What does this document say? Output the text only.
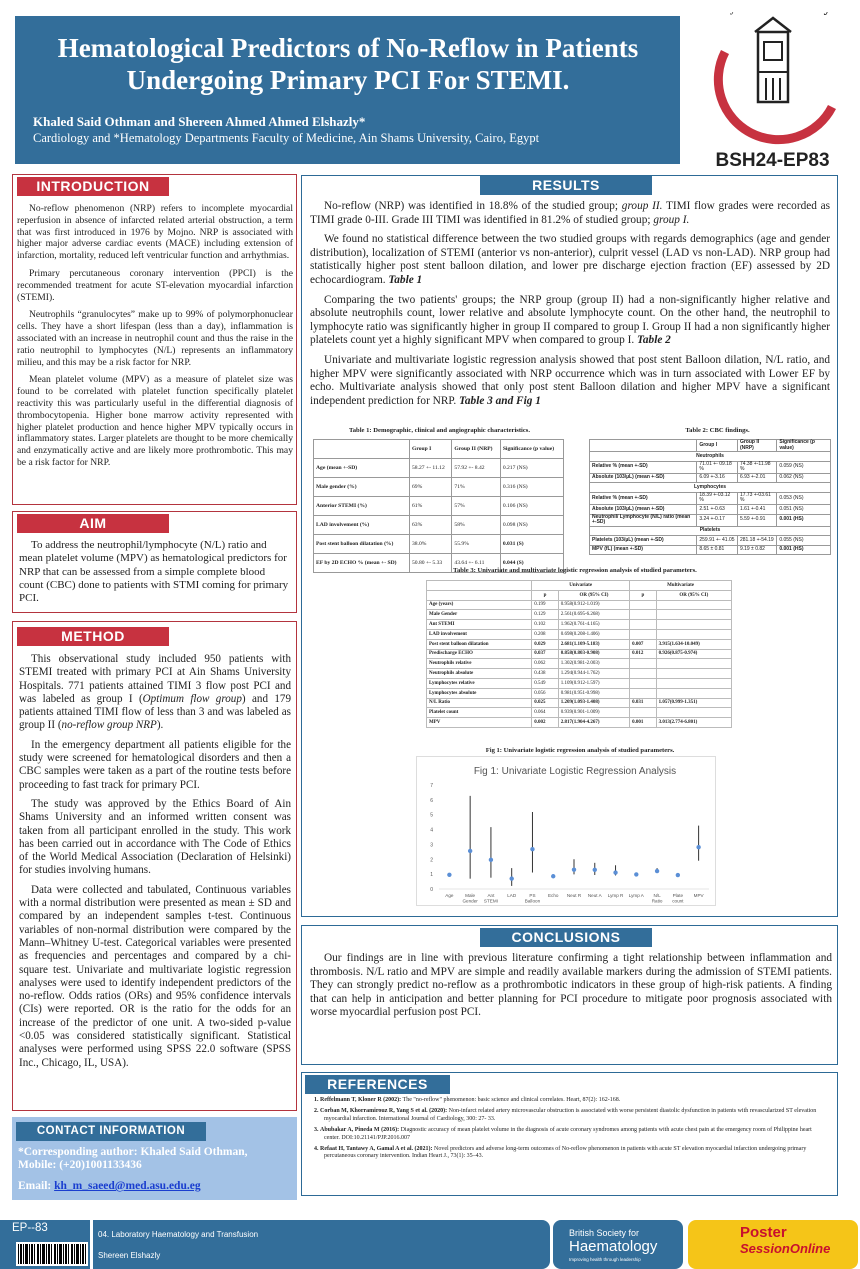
Hematological Predictors of No-Reflow in Patients Undergoing Primary PCI For STEMI.
Khaled Said Othman and Shereen Ahmed Ahmed Elshazly*
Cardiology and *Hematology Departments Faculty of Medicine, Ain Shams University, Cairo, Egypt
BSH24-EP83
INTRODUCTION

No-reflow phenomenon (NRP) refers to incomplete myocardial reperfusion in absence of infarcted related arterial obstruction, a term that was first introduced in 1976 by Mojno. NRP is associated with higher major adverse cardiac events (MACE) including extension of infarction, mortality, reduced left ventricular function and arrhythmias.

Primary percutaneous coronary intervention (PPCI) is the recommended treatment for acute ST-elevation myocardial infarction (STEMI).

Neutrophils “granulocytes” make up to 99% of polymorphonuclear cells. They have a short lifespan (less than a day), inflammation is associated with an increase in neutrophil count and thus the raise in the ratio neutrophil to lymphocytes (N/L) represents an inflammatory milieu, and this may be a risk factor for NRP.

Mean platelet volume (MPV) as a measure of platelet size was found to be correlated with platelet function specifically platelet reactivity this was particularly useful in the differential diagnosis of thrombocytopenia. Higher bone marrow activity represented with higher platelet production and hence higher MPV typically occurs in inflammatory states. Larger platelets are thought to be more chemically and enzymatically active and are likely more prothrombotic. This may be a risk factor for NRP.

AIM

To address the neutrophil/lymphocyte (N/L) ratio and mean platelet volume (MPV) as hematological predictors for NRP that can be assessed from a simple complete blood count (CBC) done to patients with STMI coming for primary PCI.

METHOD

This observational study included 950 patients with STEMI treated with primary PCI at Ain Shams University Hospitals. 771 patients attained TIMI 3 flow post PCI and was labeled as group I (Optimum flow group) and 179 patients attained TIMI flow of less than 3 and was labeled as group II (no-reflow group NRP).

In the emergency department all patients eligible for the study were screened for hematological disorders and then a CBC samples were taken as a part of the routine tests before proceeding to fast track for primary PCI.

The study was approved by the Ethics Board of Ain Shams University and an informed written consent was taken from all participant enrolled in the study. This work has been carried out in accordance with The Code of Ethics of the World Medical Association (Declaration of Helsinki) for studies involving humans.

Data were collected and tabulated, Continuous variables with a normal distribution were presented as mean ± SD and compared by an independent samples t-test. Continuous variables of non-normal distribution were compared by the Mann–Whitney U-test. Categorical variables were presented as frequencies and percentages and compared by a chi-square test. Univariate and multivariate logistic regression analyses were used to identify independent predictors of the no-reflow. Odds ratios (ORs) and 95% confidence intervals (CIs) were reported. OR is the ratio for the odds for an increase of the predictor of one unit. A two-sided p-value <0.05 was considered statistically significant. Statistical analyses were performed using SPSS 22.0 software (SPSS Inc., Chicago, IL, USA).

CONTACT INFORMATION
*Corresponding author: Khaled Said Othman,
Mobile: (+20)1001133436
Email: kh_m_saeed@med.asu.edu.eg
RESULTS

No-reflow (NRP) was identified in 18.8% of the studied group; group II. TIMI flow grades were recorded as TIMI grade 0-III. Grade III TIMI was identified in 81.2% of studied group; group I.

We found no statistical difference between the two studied groups with regards demographics (age and gender distribution), localization of STEMI (anterior vs non-anterior), culprit vessel (LAD vs non-LAD). NRP group had statistically higher post stent balloon dilation, and lower pre discharge ejection fraction (EF) assessed by 2D echocardiogram. Table 1

Comparing the two patients' groups; the NRP group (group II) had a non-significantly higher relative and absolute neutrophils count, lower relative and absolute lymphocyte count. On the other hand, the neutrophil to lymphocyte ratio was significantly higher in group II compared to group I. Group II had a non significantly higher platelets count yet a highly significant MPV when compared to group I. Table 2

Univariate and multivariate logistic regression analysis showed that post stent Balloon dilation, N/L ratio, and higher MPV were significantly associated with NRP occurrence which was in turn associated with Lower EF by echo. Multivariate analysis showed that only post stent Balloon dilation and higher MPV have a significant independent prediction for NRP. Table 3 and Fig 1

Table 1: Demographic, clinical and angiographic characteristics.
	Group I	Group II (NRP)	Significance (p value)
Age (mean +-SD)	58.27 +- 11.12	57.92 +- 8.42	0.217 (NS)
Male gender (%)	69%	71%	0.316 (NS)
Anterior STEMI (%)	61%	57%	0.106 (NS)
LAD involvement (%)	63%	58%	0.098 (NS)
Post stent balloon dilatation (%)	38.0%	55.9%	0.031 (S)
EF by 2D ECHO % (mean +- SD)	50.80 +- 5.33	43.64 +- 6.11	0.044 (S)
Table 2: CBC findings.
	Group I	Group II (NRP)	Significance (p value)
Neutrophils			
Relative % (mean +-SD)	71.01 +- 09.18 %	74.38 +-11.98 %	0.059 (NS)
Absolute (103/µL) (mean +-SD)	6.09 +-3.16	6.93 +-2.01	0.062 (NS)
Lymphocytes			
Relative % (mean +-SD)	18.39 +-03.12 %	17.73 +-03.61 %	0.053 (NS)
Absolute (103/µL) (mean +-SD)	2.51 +-0.63	1.61 +-0.41	0.051 (NS)
Neutrophil/ Lymphocyte (N/L) ratio (mean +-SD)	3.24 +-0.17	5.59 +-0.91	0.001 (HS)
Platelets			
Platelets (103/µL) (mean +-SD)	259.91 +- 41.05	281.18 +-54.19	0.055 (NS)
MPV (fL) (mean +-SD)	8.65 ± 0.81	9.19 ± 0.82	0.001 (HS)
Table 3: Univariate and multivariate logistic regression analysis of studied parameters.
	Univariate		Multivariate	
	p	OR (95% CI)	p	OR (95% CI)
Age (years)	0.199	0.958(0.912-1.019)		
Male Gender	0.129	2.561(0.695-6.268)		
Ant STEMI	0.102	1.962(0.761-4.165)		
LAD involvement	0.208	0.698(0.208-1.406)		
Post stent balloon dilatation	0.029	2.681(1.109-5.183)	0.007	3.915(1.634-10.049)
Predischarge ECHO	0.037	0.858(0.803-0.908)	0.012	0.926(0.875-0.974)
Neutrophils relative	0.062	1.302(0.981-2.003)		
Neutrophils absolute	0.438	1.294(0.944-1.762)		
Lymphocytes relative	0.549	1.109(0.912-1.597)		
Lymphocytes absolute	0.056	0.981(0.951-0.998)		
N/L Ratio	0.025	1.209(1.093-1.408)	0.031	1.057(0.999-1.351)
Platelet count	0.064	0.939(0.901-1.009)		
MPV	0.002	2.817(1.904-4.267)	0.001	3.013(2.774-6.801)
Fig 1: Univariate logistic regression analysis of studied parameters.
Fig 1: Univariate Logistic Regression Analysis
0
1
2
3
4
5
6
7
Age	Male Gender
Ant STEMI
LAD	PS Balloon
Echo Neut R Neut A Lymp R Lymp A	N/L Ratio
Plate count
MPV
CONCLUSIONS

Our findings are in line with previous literature confirming a tight relationship between inflammation and thrombosis. N/L ratio and MPV are simple and readily available markers during the admission of STEMI patients. They can strongly predict no-reflow as a prothrombotic indicators in these group of high-risk patients. A finding that can help in anticipation and better planning for PCI procedure to mitigate poor prognosis associated with worse myocardial perfusion post PCI.

REFERENCES
1. Reffelmann T, Kloner R (2002): The "no-reflow" phenomenon: basic science and clinical correlates. Heart, 87(2): 162-168.
2. Corban M, Khorramirouz R, Yang S et al. (2020): Non-infarct related artery microvascular obstruction is associated with worse persistent diastolic dysfunction in patients with revascularized ST elevation myocardial infarction. International Journal of Cardiology, 300: 27- 33.
3. Abubakar A, Pineda M (2016): Diagnostic accuracy of mean platelet volume in the diagnosis of acute coronary syndromes among patients with acute chest pain at the emergency room of Philippine heart center. DOI:10.21141/PJP.2016.007
4. Refaat H, Tantawy A, Gamal A et al. (2021): Novel predictors and adverse long-term outcomes of No-reflow phenomenon in patients with acute ST elevation myocardial infarction undergoing primary percutaneous coronary intervention. Indian Heart J., 73(1): 35–43.
EP--83
04. Laboratory Haematology and Transfusion
Shereen Elshazly
British Society for
Haematology
Improving health through leadership
Poster
SessionOnline
